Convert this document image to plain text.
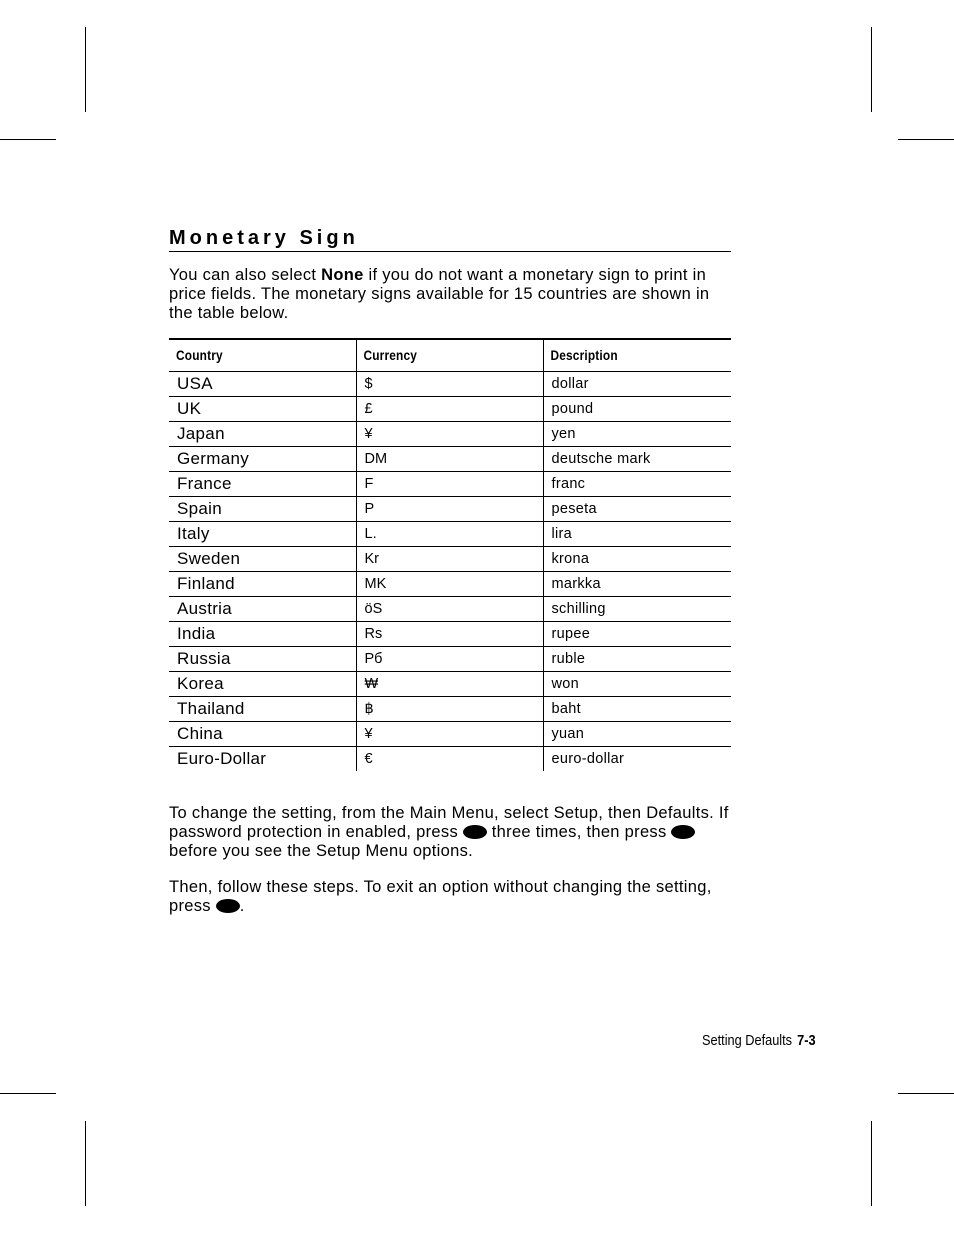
Monetary Sign
You can also select None if you do not want a monetary sign to print in price fields. The monetary signs available for 15 countries are shown in the table below.
Country	Currency	Description
USA	$	dollar
UK	£	pound
Japan	¥	yen
Germany	DM	deutsche mark
France	F	franc
Spain	P	peseta
Italy	L.	lira
Sweden	Kr	krona
Finland	MK	markka
Austria	öS	schilling
India	Rs	rupee
Russia	Рб	ruble
Korea	₩	won
Thailand	฿	baht
China	¥	yuan
Euro-Dollar	€	euro-dollar
To change the setting, from the Main Menu, select Setup, then Defaults. If password protection in enabled, press  three times, then press  before you see the Setup Menu options.
Then, follow these steps. To exit an option without changing the setting, press .
Setting Defaults 7-3
